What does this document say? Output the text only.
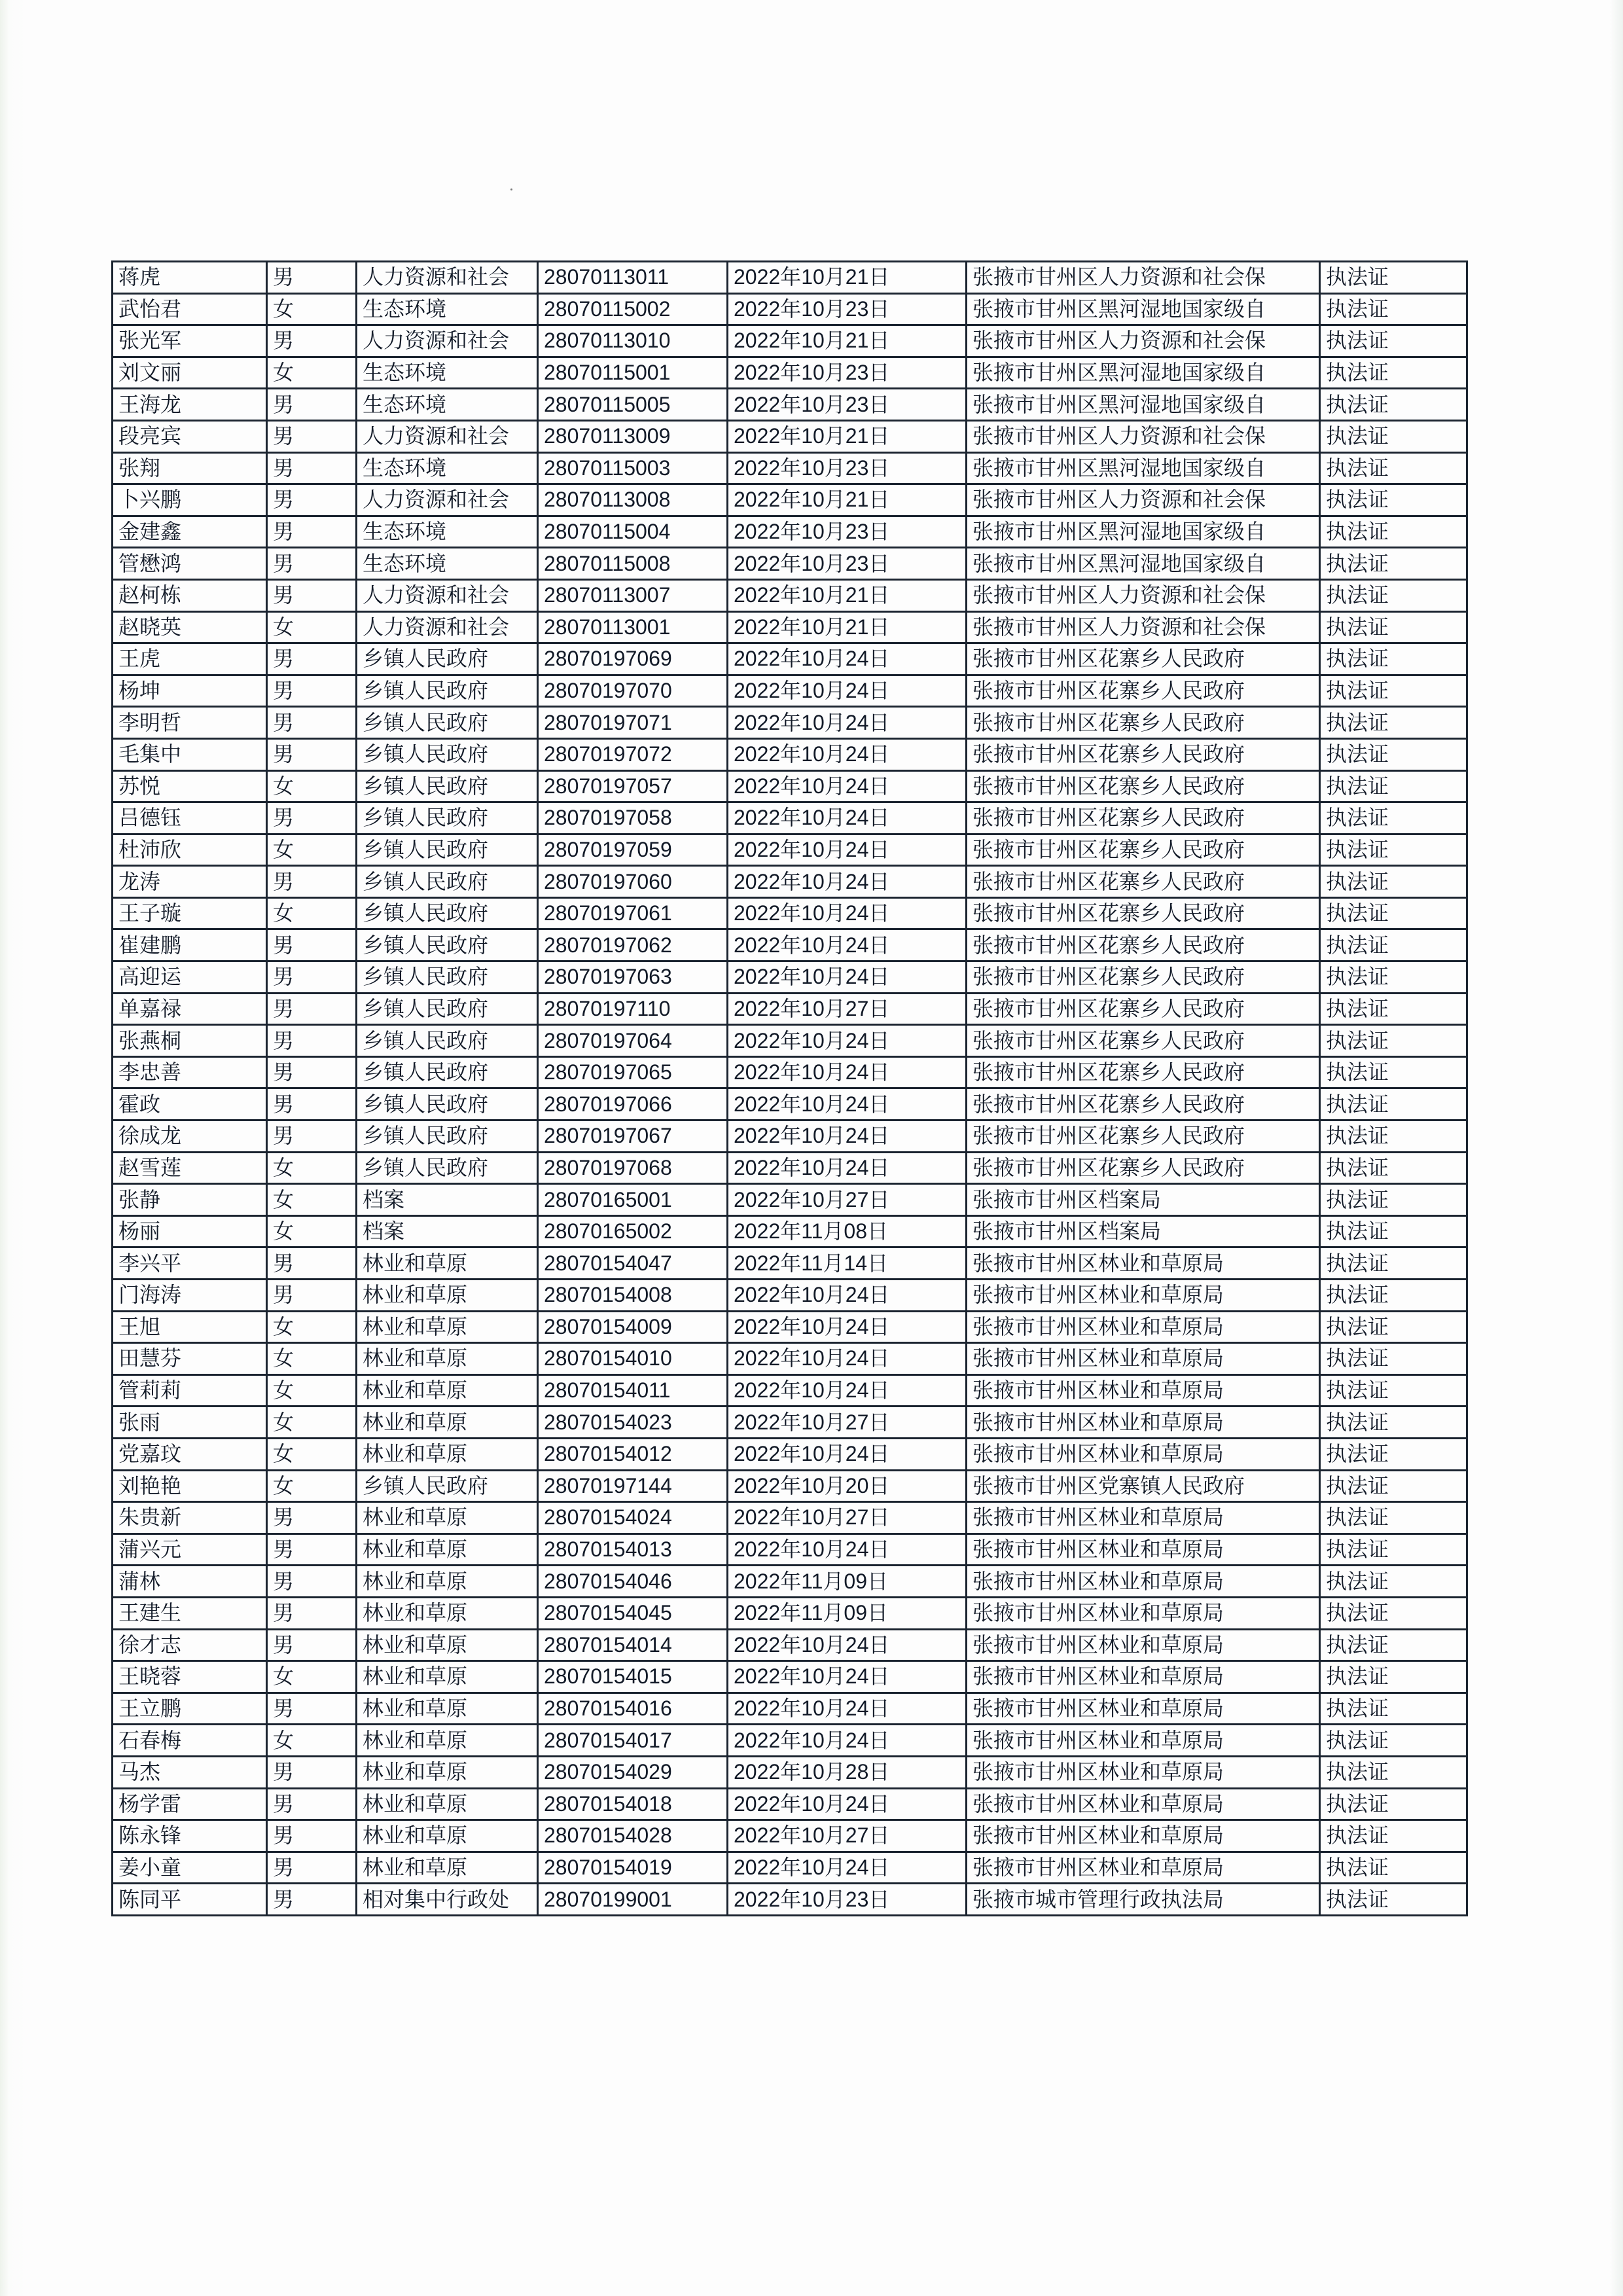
蒋虎	男	人力资源和社会	28070113011	2022年10月21日	张掖市甘州区人力资源和社会保	执法证
武怡君	女	生态环境	28070115002	2022年10月23日	张掖市甘州区黑河湿地国家级自	执法证
张光军	男	人力资源和社会	28070113010	2022年10月21日	张掖市甘州区人力资源和社会保	执法证
刘文丽	女	生态环境	28070115001	2022年10月23日	张掖市甘州区黑河湿地国家级自	执法证
王海龙	男	生态环境	28070115005	2022年10月23日	张掖市甘州区黑河湿地国家级自	执法证
段亮宾	男	人力资源和社会	28070113009	2022年10月21日	张掖市甘州区人力资源和社会保	执法证
张翔	男	生态环境	28070115003	2022年10月23日	张掖市甘州区黑河湿地国家级自	执法证
卜兴鹏	男	人力资源和社会	28070113008	2022年10月21日	张掖市甘州区人力资源和社会保	执法证
金建鑫	男	生态环境	28070115004	2022年10月23日	张掖市甘州区黑河湿地国家级自	执法证
管懋鸿	男	生态环境	28070115008	2022年10月23日	张掖市甘州区黑河湿地国家级自	执法证
赵柯栋	男	人力资源和社会	28070113007	2022年10月21日	张掖市甘州区人力资源和社会保	执法证
赵晓英	女	人力资源和社会	28070113001	2022年10月21日	张掖市甘州区人力资源和社会保	执法证
王虎	男	乡镇人民政府	28070197069	2022年10月24日	张掖市甘州区花寨乡人民政府	执法证
杨坤	男	乡镇人民政府	28070197070	2022年10月24日	张掖市甘州区花寨乡人民政府	执法证
李明哲	男	乡镇人民政府	28070197071	2022年10月24日	张掖市甘州区花寨乡人民政府	执法证
毛集中	男	乡镇人民政府	28070197072	2022年10月24日	张掖市甘州区花寨乡人民政府	执法证
苏悦	女	乡镇人民政府	28070197057	2022年10月24日	张掖市甘州区花寨乡人民政府	执法证
吕德钰	男	乡镇人民政府	28070197058	2022年10月24日	张掖市甘州区花寨乡人民政府	执法证
杜沛欣	女	乡镇人民政府	28070197059	2022年10月24日	张掖市甘州区花寨乡人民政府	执法证
龙涛	男	乡镇人民政府	28070197060	2022年10月24日	张掖市甘州区花寨乡人民政府	执法证
王子璇	女	乡镇人民政府	28070197061	2022年10月24日	张掖市甘州区花寨乡人民政府	执法证
崔建鹏	男	乡镇人民政府	28070197062	2022年10月24日	张掖市甘州区花寨乡人民政府	执法证
高迎运	男	乡镇人民政府	28070197063	2022年10月24日	张掖市甘州区花寨乡人民政府	执法证
单嘉禄	男	乡镇人民政府	28070197110	2022年10月27日	张掖市甘州区花寨乡人民政府	执法证
张燕桐	男	乡镇人民政府	28070197064	2022年10月24日	张掖市甘州区花寨乡人民政府	执法证
李忠善	男	乡镇人民政府	28070197065	2022年10月24日	张掖市甘州区花寨乡人民政府	执法证
霍政	男	乡镇人民政府	28070197066	2022年10月24日	张掖市甘州区花寨乡人民政府	执法证
徐成龙	男	乡镇人民政府	28070197067	2022年10月24日	张掖市甘州区花寨乡人民政府	执法证
赵雪莲	女	乡镇人民政府	28070197068	2022年10月24日	张掖市甘州区花寨乡人民政府	执法证
张静	女	档案	28070165001	2022年10月27日	张掖市甘州区档案局	执法证
杨丽	女	档案	28070165002	2022年11月08日	张掖市甘州区档案局	执法证
李兴平	男	林业和草原	28070154047	2022年11月14日	张掖市甘州区林业和草原局	执法证
门海涛	男	林业和草原	28070154008	2022年10月24日	张掖市甘州区林业和草原局	执法证
王旭	女	林业和草原	28070154009	2022年10月24日	张掖市甘州区林业和草原局	执法证
田慧芬	女	林业和草原	28070154010	2022年10月24日	张掖市甘州区林业和草原局	执法证
管莉莉	女	林业和草原	28070154011	2022年10月24日	张掖市甘州区林业和草原局	执法证
张雨	女	林业和草原	28070154023	2022年10月27日	张掖市甘州区林业和草原局	执法证
党嘉玟	女	林业和草原	28070154012	2022年10月24日	张掖市甘州区林业和草原局	执法证
刘艳艳	女	乡镇人民政府	28070197144	2022年10月20日	张掖市甘州区党寨镇人民政府	执法证
朱贵新	男	林业和草原	28070154024	2022年10月27日	张掖市甘州区林业和草原局	执法证
蒲兴元	男	林业和草原	28070154013	2022年10月24日	张掖市甘州区林业和草原局	执法证
蒲林	男	林业和草原	28070154046	2022年11月09日	张掖市甘州区林业和草原局	执法证
王建生	男	林业和草原	28070154045	2022年11月09日	张掖市甘州区林业和草原局	执法证
徐才志	男	林业和草原	28070154014	2022年10月24日	张掖市甘州区林业和草原局	执法证
王晓蓉	女	林业和草原	28070154015	2022年10月24日	张掖市甘州区林业和草原局	执法证
王立鹏	男	林业和草原	28070154016	2022年10月24日	张掖市甘州区林业和草原局	执法证
石春梅	女	林业和草原	28070154017	2022年10月24日	张掖市甘州区林业和草原局	执法证
马杰	男	林业和草原	28070154029	2022年10月28日	张掖市甘州区林业和草原局	执法证
杨学雷	男	林业和草原	28070154018	2022年10月24日	张掖市甘州区林业和草原局	执法证
陈永锋	男	林业和草原	28070154028	2022年10月27日	张掖市甘州区林业和草原局	执法证
姜小童	男	林业和草原	28070154019	2022年10月24日	张掖市甘州区林业和草原局	执法证
陈同平	男	相对集中行政处	28070199001	2022年10月23日	张掖市城市管理行政执法局	执法证
